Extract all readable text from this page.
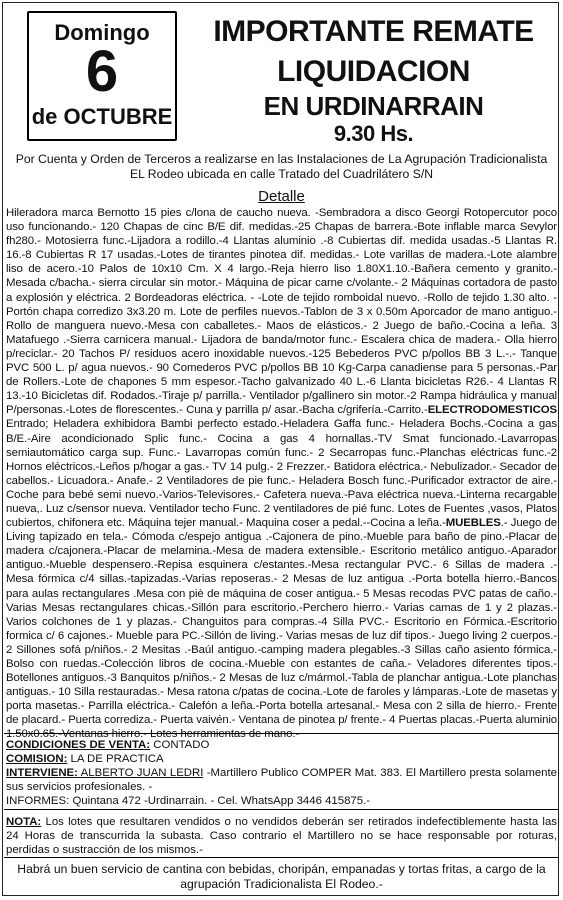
Domingo
6
de OCTUBRE
IMPORTANTE REMATE
LIQUIDACION
EN URDINARRAIN
9.30 Hs.
Por Cuenta y Orden de Terceros a realizarse en las Instalaciones de La Agrupación Tradicionalista
EL Rodeo ubicada en calle Tratado del Cuadrilátero S/N
Detalle
Hileradora marca Bernotto 15 pies c/lona de caucho nueva. -Sembradora a disco Georgi Rotopercutor poco uso funcionando.- 120 Chapas de cinc B/E dif. medidas.-25 Chapas de barrera.-Bote inflable marca Sevylor fh280.- Motosierra func.-Lijadora a rodillo.-4 Llantas aluminio .-8 Cubiertas dif. medida usadas.-5 Llantas R. 16.-8 Cubiertas R 17 usadas.-Lotes de tirantes pinotea dif. medidas.- Lote varillas de madera.-Lote alambre liso de acero.-10 Palos de 10x10 Cm. X 4 largo.-Reja hierro liso 1.80X1.10.-Bañera cemento y granito.- Mesada c/bacha.- sierra circular sin motor.- Máquina de picar carne c/volante.- 2 Máquinas cortadora de pasto a explosión y eléctrica. 2 Bordeadoras eléctrica. - -Lote de tejido romboidal nuevo. -Rollo de tejido 1.30 alto. -Portón chapa corredizo 3x3.20 m. Lote de perfiles nuevos.-Tablon de 3 x 0.50m Aporcador de mano antiguo.-Rollo de manguera nuevo.-Mesa con caballetes.- Maos de elásticos.- 2 Juego de baño.-Cocina a leña. 3 Matafuego .-Sierra carnicera manual.- Lijadora de banda/motor func.- Escalera chica de madera.- Olla hierro p/reciclar.- 20 Tachos P/ residuos acero inoxidable nuevos.-125 Bebederos PVC p/pollos BB 3 L.-.- Tanque PVC 500 L. p/ agua nuevos.- 90 Comederos PVC p/pollos BB 10 Kg-Carpa canadiense para 5 personas.-Par de Rollers.-Lote de chapones 5 mm espesor.-Tacho galvanizado 40 L.-6 Llanta bicicletas R26.- 4 Llantas R 13.-10 Bicicletas dif. Rodados.-Tiraje p/ parrilla.- Ventilador p/gallinero sin motor.-2 Rampa hidráulica y manual P/personas.-Lotes de florescentes.- Cuna y parrilla p/ asar.-Bacha c/grifería.-Carrito.-ELECTRODOMESTICOS Entrado; Heladera exhibidora Bambi perfecto estado.-Heladera Gaffa func.- Heladera Bochs.-Cocina a gas B/E.-Aire acondicionado Splic func.- Cocina a gas 4 hornallas.-TV Smat funcionado.-Lavarropas semiautomático carga sup. Func.- Lavarropas común func.- 2 Secarropas func.-Planchas eléctricas func.-2 Hornos eléctricos.-Leños p/hogar a gas.- TV 14 pulg.- 2 Frezzer.- Batidora eléctrica.- Nebulizador.- Secador de cabellos.- Licuadora.- Anafe.- 2 Ventiladores de pie func.- Heladera Bosch func.-Purificador extractor de aire.-Coche para bebé semi nuevo.-Varios-Televisores.- Cafetera nueva.-Pava eléctrica nueva.-Linterna recargable nueva,. Luz c/sensor nueva. Ventilador techo Func. 2 ventiladores de pié func. Lotes de Fuentes ,vasos, Platos cubiertos, chifonera etc. Máquina tejer manual.- Maquina coser a pedal.--Cocina a leña.-MUEBLES.- Juego de Living tapizado en tela.- Cómoda c/espejo antigua .-Cajonera de pino.-Mueble para baño de pino.-Placar de madera c/cajonera.-Placar de melamina.-Mesa de madera extensible.- Escritorio metálico antiguo.-Aparador antiguo.-Mueble despensero.-Repisa esquinera c/estantes.-Mesa rectangular PVC.- 6 Sillas de madera .- Mesa fórmica c/4 sillas.-tapizadas.-Varias reposeras.- 2 Mesas de luz antigua .-Porta botella hierro.-Bancos para aulas rectangulares .Mesa con piè de máquina de coser antigua.- 5 Mesas recodas PVC patas de caño.-Varias Mesas rectangulares chicas.-Sillón para escritorio.-Perchero hierro.- Varias camas de 1 y 2 plazas.-Varios colchones de 1 y plazas.- Changuitos para compras.-4 Silla PVC.- Escritorio en Fórmica.-Escritorio formica c/ 6 cajones.- Mueble para PC.-Sillón de living.- Varias mesas de luz dif tipos.- Juego living 2 cuerpos.- 2 Sillones sofá p/niños.- 2 Mesitas .-Baúl antiguo.-camping madera plegables.-3 Sillas caño asiento fórmica.- Bolso con ruedas.-Colección libros de cocina.-Mueble con estantes de caña.- Veladores diferentes tipos.-Botellones antiguos.-3 Banquitos p/niños.- 2 Mesas de luz c/mármol.-Tabla de planchar antigua.-Lote planchas antiguas.- 10 Silla restauradas.- Mesa ratona c/patas de cocina.-Lote de faroles y lámparas.-Lote de masetas y porta masetas.- Parrilla eléctrica.- Calefón a leña.-Porta botella artesanal.- Mesa con 2 silla de hierro.- Frente de placard.- Puerta corrediza.- Puerta vaivén.- Ventana de pinotea p/ frente.- 4 Puertas placas.-Puerta aluminio 1.50x0.65.-Ventanas hierro.- Lotes herramientas de mano.-
CONDICIONES DE VENTA: CONTADO
COMISION: LA DE PRACTICA
INTERVIENE: ALBERTO JUAN LEDRI -Martillero Publico COMPER Mat. 383. El Martillero presta solamente sus servicios profesionales. -
INFORMES: Quintana 472 -Urdinarrain. - Cel. WhatsApp 3446 415875.-
NOTA: Los lotes que resultaren vendidos o no vendidos deberán ser retirados indefectiblemente hasta las 24 Horas de transcurrida la subasta. Caso contrario el Martillero no se hace responsable por roturas, perdidas o sustracción de los mismos.-
Habrá un buen servicio de cantina con bebidas, choripán, empanadas y tortas fritas, a cargo de la
agrupación Tradicionalista El Rodeo.-
